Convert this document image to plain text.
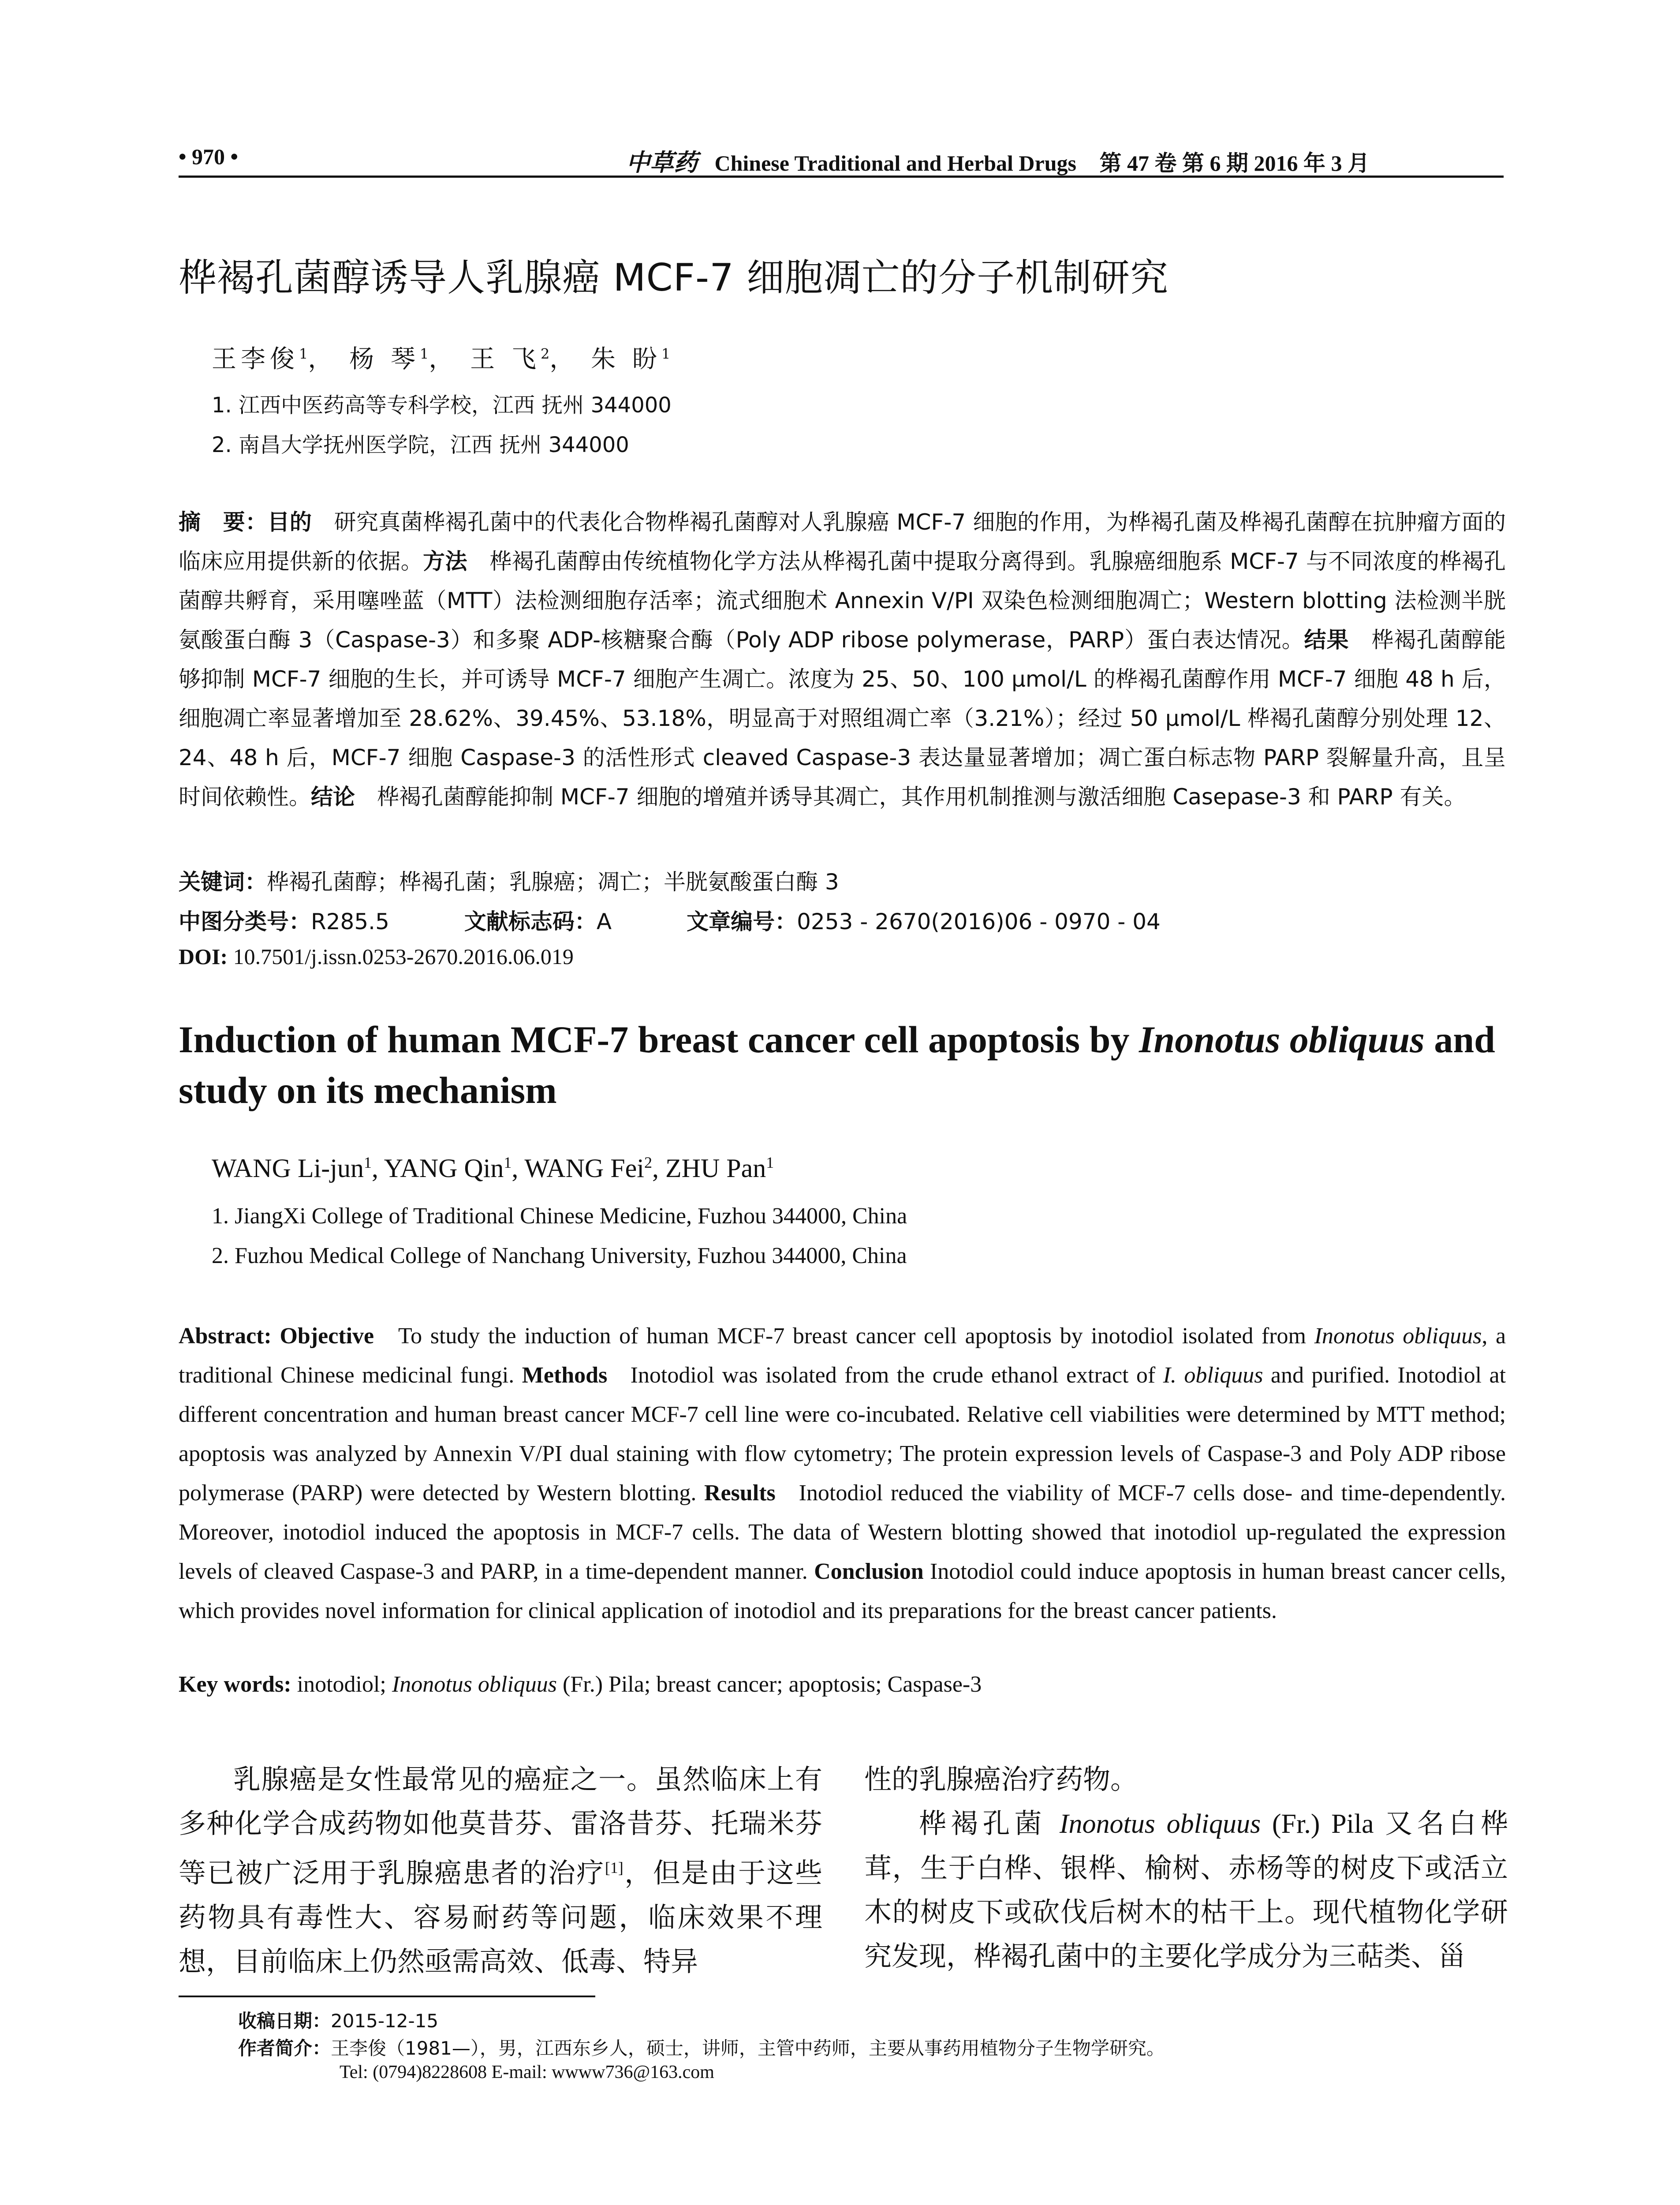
• 970 •	中草药 Chinese Traditional and Herbal Drugs 第 47 卷 第 6 期 2016 年 3 月
桦褐孔菌醇诱导人乳腺癌 MCF-7 细胞凋亡的分子机制研究
王李俊$^1$， 杨 琴$^1$， 王 飞$^2$， 朱 盼$^1$
1. 江西中医药高等专科学校，江西 抚州 344000
2. 南昌大学抚州医学院，江西 抚州 344000
摘　要：目的　 研究真菌桦褐孔菌中的代表化合物桦褐孔菌醇对人乳腺癌 MCF-7 细胞的作用，为桦褐孔菌及桦褐孔菌醇在抗肿瘤方面的临床应用提供新的依据。方法　 桦褐孔菌醇由传统植物化学方法从桦褐孔菌中提取分离得到。乳腺癌细胞系 MCF-7 与不同浓度的桦褐孔菌醇共孵育，采用噻唑蓝（MTT）法检测细胞存活率；流式细胞术 Annexin V/PI 双染色检测细胞凋亡；Western blotting 法检测半胱氨酸蛋白酶 3（Caspase-3）和多聚 ADP-核糖聚合酶（Poly ADP ribose polymerase，PARP）蛋白表达情况。结果　 桦褐孔菌醇能够抑制 MCF-7 细胞的生长，并可诱导 MCF-7 细胞产生凋亡。浓度为 25、50、100 μmol/L 的桦褐孔菌醇作用 MCF-7 细胞 48 h 后，细胞凋亡率显著增加至 28.62%、39.45%、53.18%，明显高于对照组凋亡率（3.21%）；经过 50 μmol/L 桦褐孔菌醇分别处理 12、24、48 h 后，MCF-7 细胞 Caspase-3 的活性形式 cleaved Caspase-3 表达量显著增加；凋亡蛋白标志物 PARP 裂解量升高，且呈时间依赖性。结论　 桦褐孔菌醇能抑制 MCF-7 细胞的增殖并诱导其凋亡，其作用机制推测与激活细胞 Casepase-3 和 PARP 有关。
关键词：桦褐孔菌醇；桦褐孔菌；乳腺癌；凋亡；半胱氨酸蛋白酶 3
中图分类号：R285.5	文献标志码：A	文章编号：0253 - 2670(2016)06 - 0970 - 04
DOI: 10.7501/j.issn.0253-2670.2016.06.019
Induction of human MCF-7 breast cancer cell apoptosis by Inonotus obliquus and study on its mechanism
WANG Li-jun$^1$, YANG Qin$^1$, WANG Fei$^2$, ZHU Pan$^1$
1. JiangXi College of Traditional Chinese Medicine, Fuzhou 344000, China
2. Fuzhou Medical College of Nanchang University, Fuzhou 344000, China
Abstract: Objective To study the induction of human MCF-7 breast cancer cell apoptosis by inotodiol isolated from Inonotus obliquus, a traditional Chinese medicinal fungi. Methods Inotodiol was isolated from the crude ethanol extract of I. obliquus and purified. Inotodiol at different concentration and human breast cancer MCF-7 cell line were co-incubated. Relative cell viabilities were determined by MTT method; apoptosis was analyzed by Annexin V/PI dual staining with flow cytometry; The protein expression levels of Caspase-3 and Poly ADP ribose polymerase (PARP) were detected by Western blotting. Results Inotodiol reduced the viability of MCF-7 cells dose- and time-dependently. Moreover, inotodiol induced the apoptosis in MCF-7 cells. The data of Western blotting showed that inotodiol up-regulated the expression levels of cleaved Caspase-3 and PARP, in a time-dependent manner. Conclusion Inotodiol could induce apoptosis in human breast cancer cells, which provides novel information for clinical application of inotodiol and its preparations for the breast cancer patients.
Key words: inotodiol; Inonotus obliquus (Fr.) Pila; breast cancer; apoptosis; Caspase-3

乳腺癌是女性最常见的癌症之一。虽然临床上有多种化学合成药物如他莫昔芬、雷洛昔芬、托瑞米芬等已被广泛用于乳腺癌患者的治疗[1]，但是由于这些药物具有毒性大、容易耐药等问题，临床效果不理想，目前临床上仍然亟需高效、低毒、特异

性的乳腺癌治疗药物。

桦褐孔菌 Inonotus obliquus (Fr.) Pila 又名白桦茸，生于白桦、银桦、榆树、赤杨等的树皮下或活立木的树皮下或砍伐后树木的枯干上。现代植物化学研究发现，桦褐孔菌中的主要化学成分为三萜类、甾

收稿日期：2015-12-15
作者简介：王李俊（1981—），男，江西东乡人，硕士，讲师，主管中药师，主要从事药用植物分子生物学研究。
Tel: (0794)8228608 E-mail: wwww736@163.com
